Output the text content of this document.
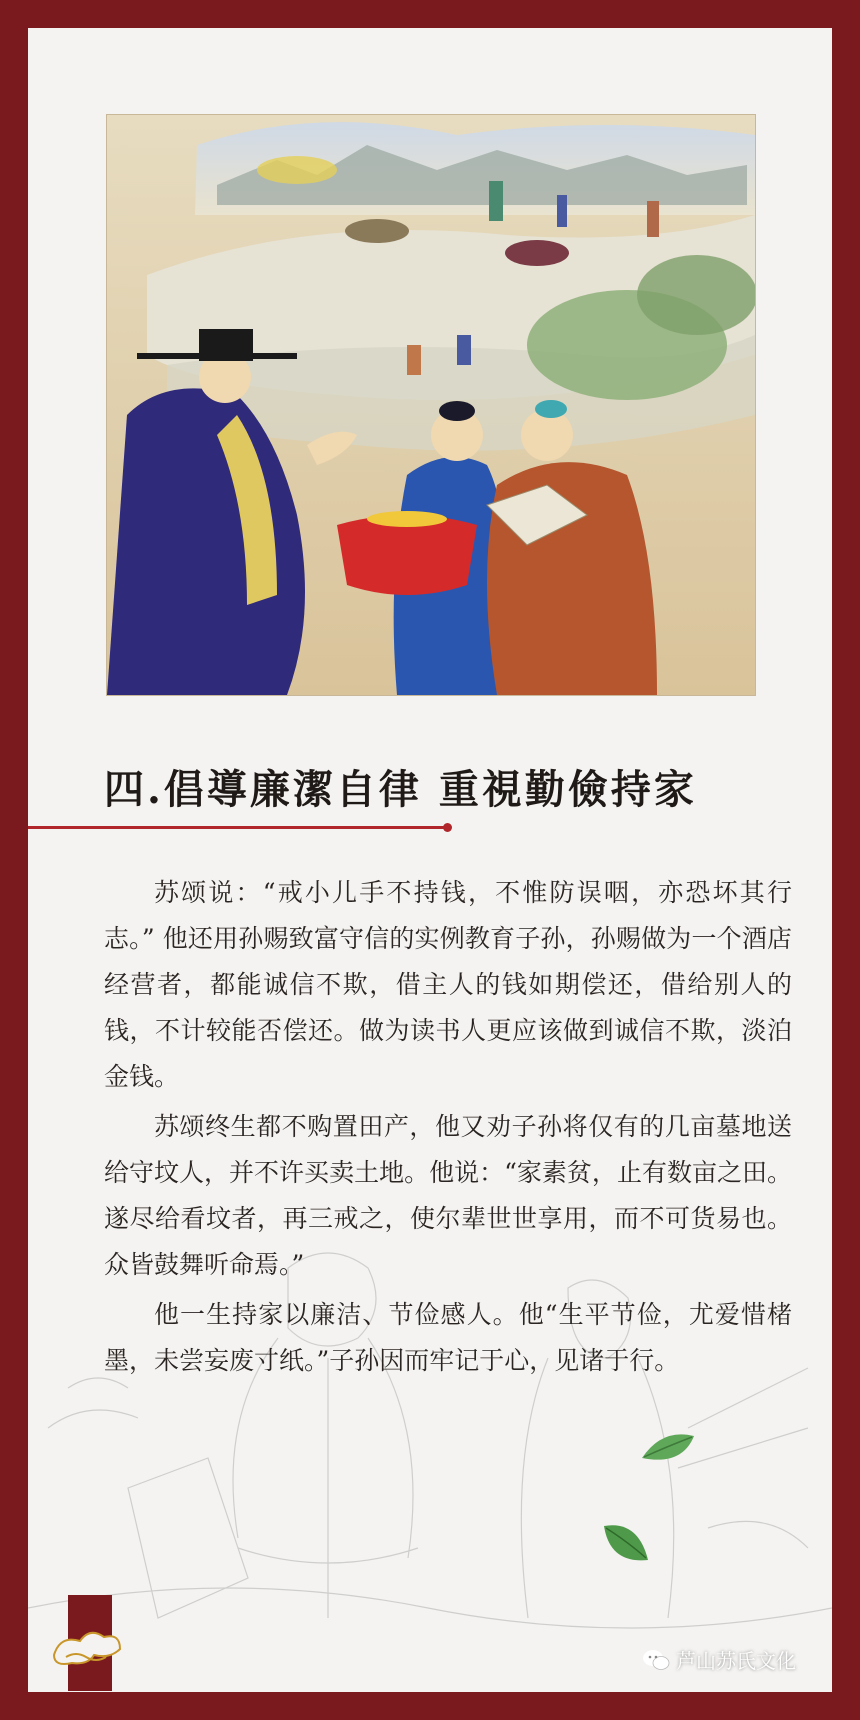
四.倡導廉潔自律 重視勤儉持家

苏颂说：“戒小儿手不持钱，不惟防误咽，亦恐坏其行志。” 他还用孙赐致富守信的实例教育子孙，孙赐做为一个酒店经营者，都能诚信不欺，借主人的钱如期偿还，借给别人的钱，不计较能否偿还。做为读书人更应该做到诚信不欺，淡泊金钱。

苏颂终生都不购置田产，他又劝子孙将仅有的几亩墓地送给守坟人，并不许买卖土地。他说：“家素贫，止有数亩之田。遂尽给看坟者，再三戒之，使尔辈世世享用，而不可货易也。众皆鼓舞听命焉。”

他一生持家以廉洁、节俭感人。他“生平节俭，尤爱惜楮墨，未尝妄废寸纸。”子孙因而牢记于心，见诸于行。

芦山苏氏文化
